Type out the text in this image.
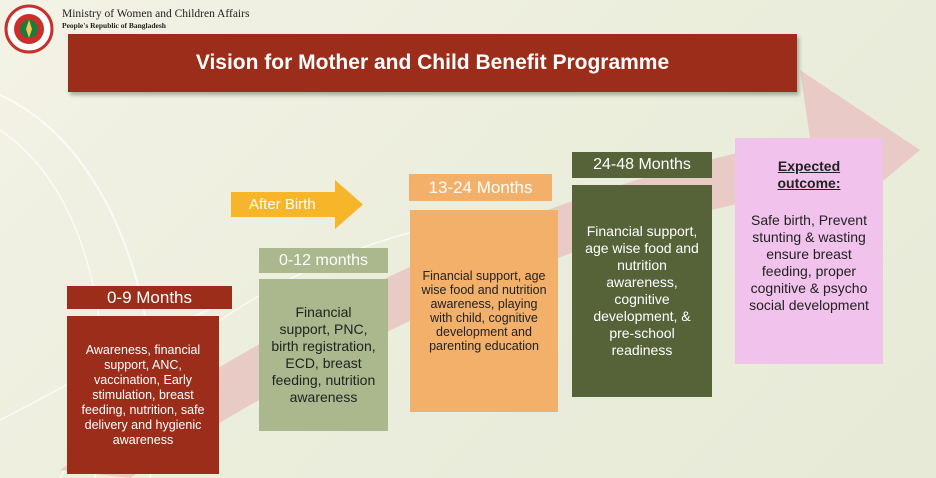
Ministry of Women and Children Affairs
People's Republic of Bangladesh
Vision for Mother and Child Benefit Programme
After Birth
0-9 Months
Awareness, financial support, ANC, vaccination, Early stimulation, breast feeding, nutrition, safe delivery and hygienic awareness
0-12 months
Financial support, PNC, birth registration, ECD, breast feeding, nutrition awareness
13-24 Months
Financial support, age wise food and nutrition awareness, playing with child, cognitive development and parenting education
24-48 Months
Financial support, age wise food and nutrition awareness, cognitive development, & pre-school readiness
Expected outcome:
Safe birth, Prevent stunting & wasting ensure breast feeding, proper cognitive & psycho social development
